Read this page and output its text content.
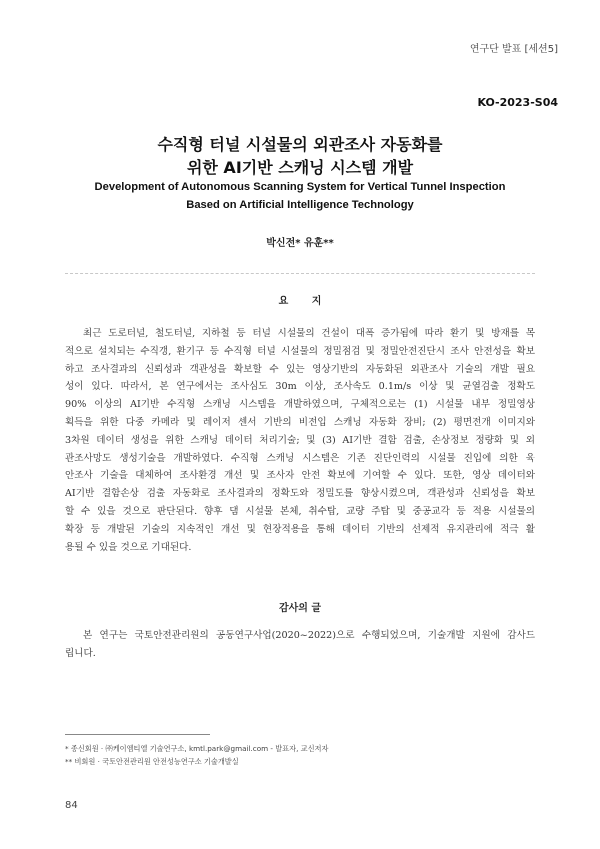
연구단 발표 [세션5]
KO-2023-S04
수직형 터널 시설물의 외관조사 자동화를
위한 AI기반 스캐닝 시스템 개발
Development of Autonomous Scanning System for Vertical Tunnel Inspection
Based on Artificial Intelligence Technology
박신전* 유훈**
요 지
최근 도로터널, 철도터널, 지하철 등 터널 시설물의 건설이 대폭 증가됨에 따라 환기 및 방재를 목
적으로 설치되는 수직갱, 환기구 등 수직형 터널 시설물의 정밀점검 및 정밀안전진단시 조사 안전성을 확보
하고 조사결과의 신뢰성과 객관성을 확보할 수 있는 영상기반의 자동화된 외관조사 기술의 개발 필요
성이 있다. 따라서, 본 연구에서는 조사심도 30m 이상, 조사속도 0.1m/s 이상 및 균열검출 정확도
90% 이상의 AI기반 수직형 스캐닝 시스템을 개발하였으며, 구체적으로는 (1) 시설물 내부 정밀영상
획득을 위한 다중 카메라 및 레이저 센서 기반의 비전입 스캐닝 자동화 장비; (2) 평면전개 이미지와
3차원 데이터 생성을 위한 스캐닝 데이터 처리기술; 및 (3) AI기반 결함 검출, 손상정보 정량화 및 외
관조사망도 생성기술을 개발하였다. 수직형 스캐닝 시스템은 기존 진단인력의 시설물 진입에 의한 육
안조사 기술을 대체하여 조사환경 개선 및 조사자 안전 확보에 기여할 수 있다. 또한, 영상 데이터와
AI기반 결함손상 검출 자동화로 조사결과의 정확도와 정밀도를 향상시켰으며, 객관성과 신뢰성을 확보
할 수 있을 것으로 판단된다. 향후 댐 시설물 본체, 취수탑, 교량 주탑 및 중공교각 등 적용 시설물의
확장 등 개발된 기술의 지속적인 개선 및 현장적용을 통해 데이터 기반의 선제적 유지관리에 적극 활
용될 수 있을 것으로 기대된다.
감사의 글
본 연구는 국토안전관리원의 공동연구사업(2020~2022)으로 수행되었으며, 기술개발 지원에 감사드
립니다.
* 종신회원 · ㈜케이엠티엘 기술연구소, kmtl.park@gmail.com - 발표자, 교신저자
** 비회원 · 국토안전관리원 안전성능연구소 기술개발실
84
